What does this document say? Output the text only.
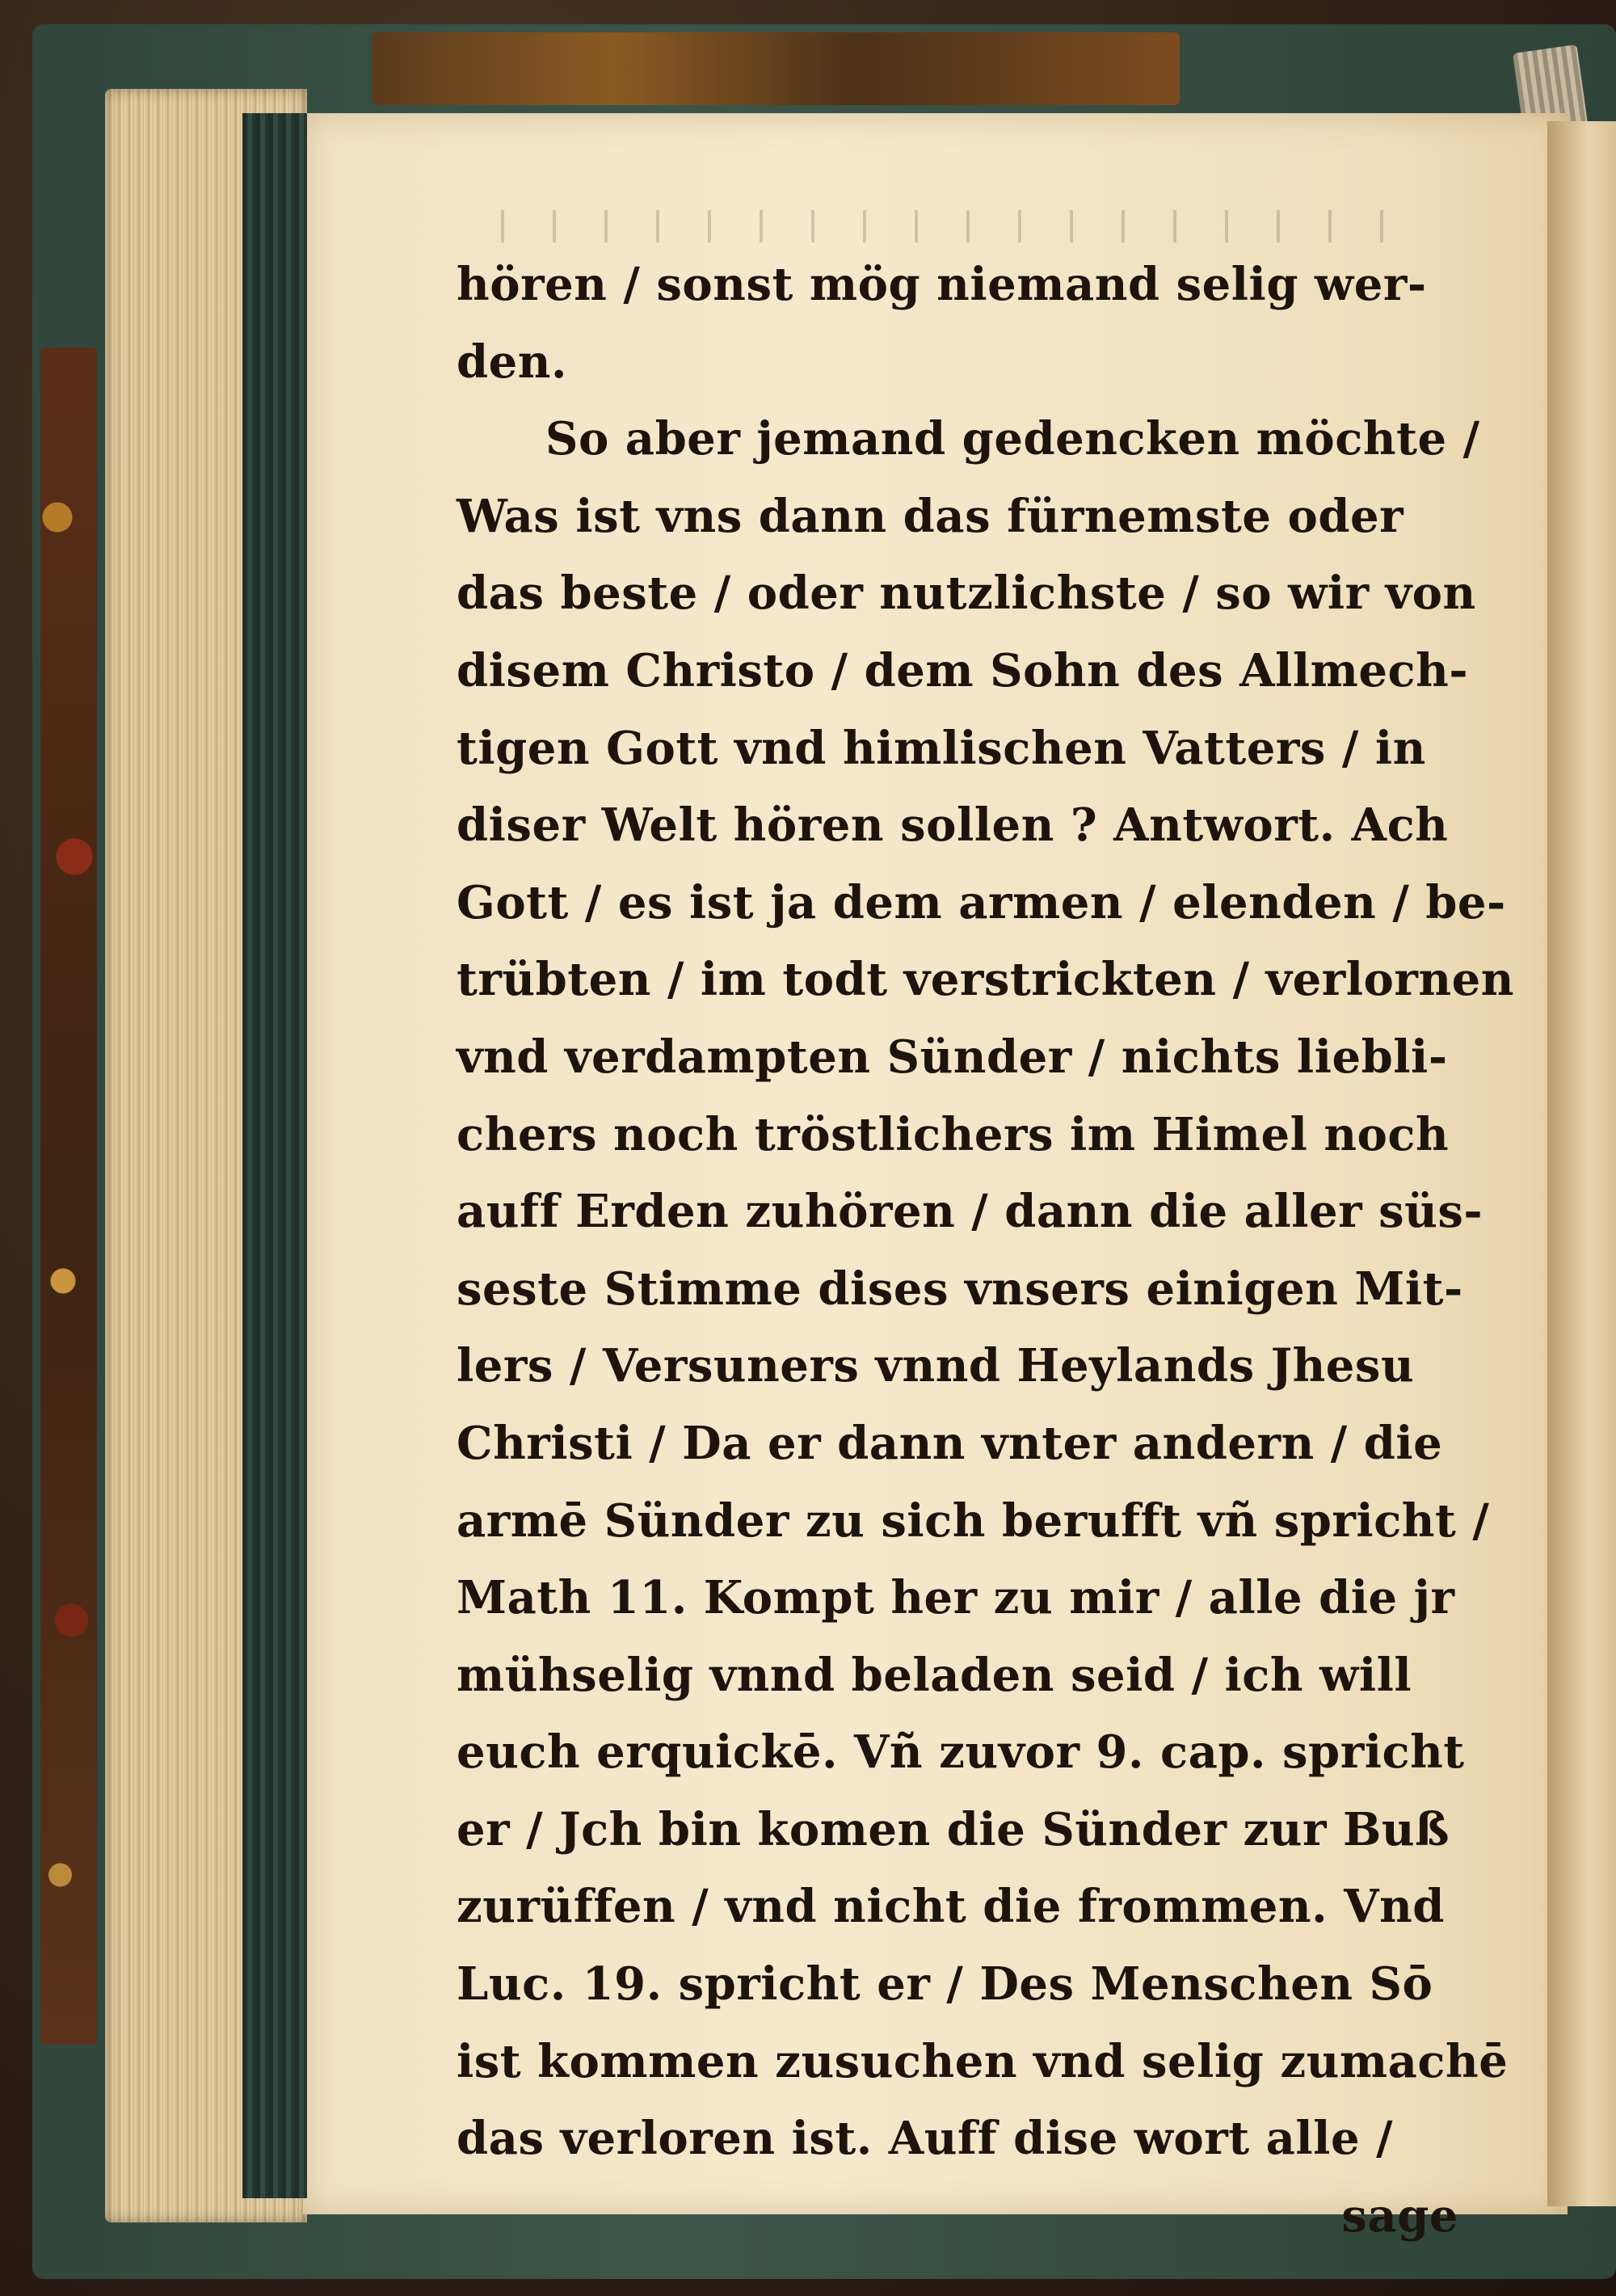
hören / sonst mög niemand selig wer-
den.
So aber jemand gedencken möchte /
Was ist vns dann das fürnemste oder
das beste / oder nutzlichste / so wir von
disem Christo / dem Sohn des Allmech-
tigen Gott vnd himlischen Vatters / in
diser Welt hören sollen ? Antwort. Ach
Gott / es ist ja dem armen / elenden / be-
trübten / im todt verstrickten / verlornen
vnd verdampten Sünder / nichts liebli-
chers noch tröstlichers im Himel noch
auff Erden zuhören / dann die aller süs-
seste Stimme dises vnsers einigen Mit-
lers / Versuners vnnd Heylands Jhesu
Christi / Da er dann vnter andern / die
armē Sünder zu sich berufft vñ spricht /
Math 11. Kompt her zu mir / alle die jr
mühselig vnnd beladen seid / ich will
euch erquickē. Vñ zuvor 9. cap. spricht
er / Jch bin komen die Sünder zur Buß
zurüffen / vnd nicht die frommen. Vnd
Luc. 19. spricht er / Des Menschen Sō
ist kommen zusuchen vnd selig zumachē
das verloren ist. Auff dise wort alle /
sage
